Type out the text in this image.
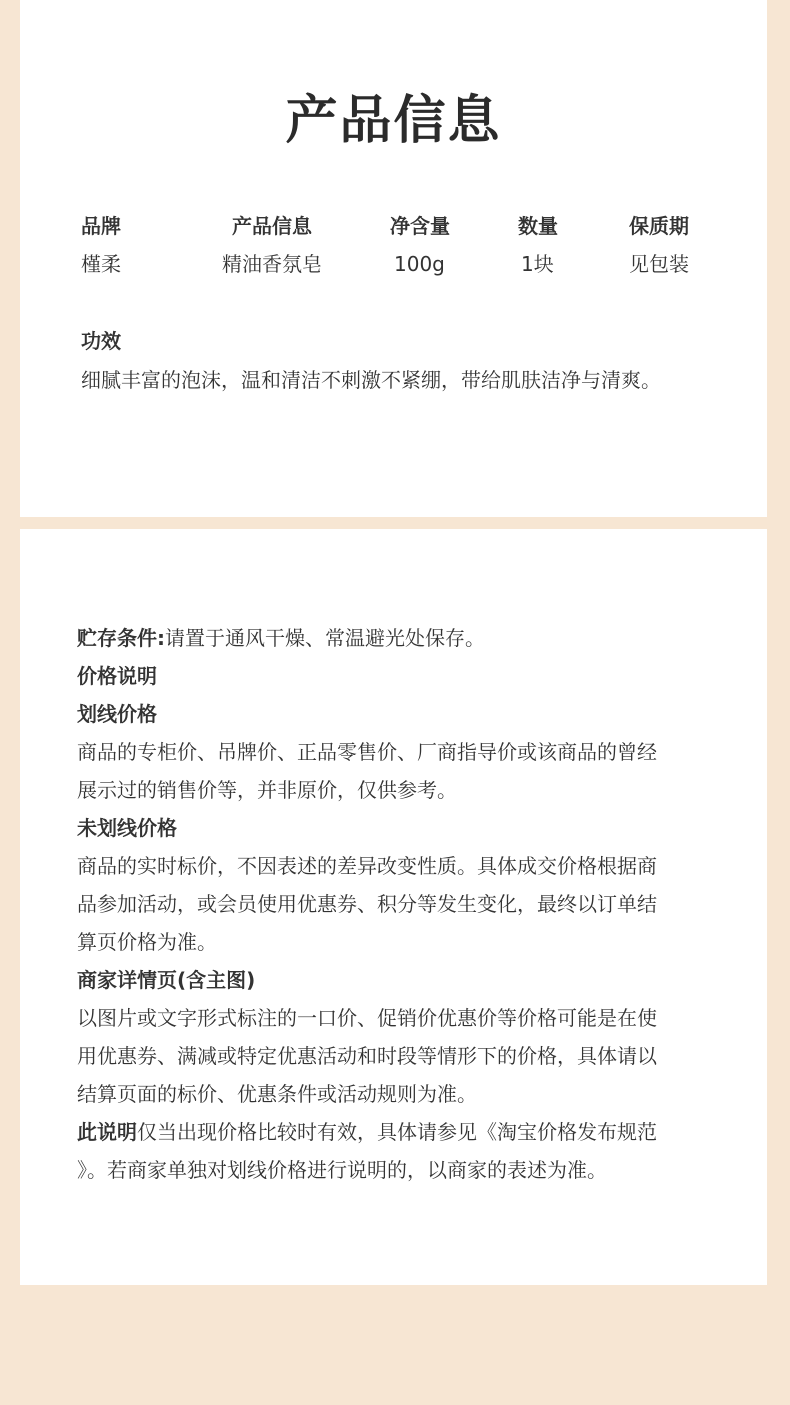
产品信息
品牌
槿柔
产品信息
精油香氛皂
净含量
100g
数量
1块
保质期
见包装
功效
细腻丰富的泡沫，温和清洁不刺激不紧绷，带给肌肤洁净与清爽。

贮存条件:请置于通风干燥、常温避光处保存。

价格说明

划线价格

商品的专柜价、吊牌价、正品零售价、厂商指导价或该商品的曾经

展示过的销售价等，并非原价，仅供参考。

未划线价格

商品的实时标价，不因表述的差异改变性质。具体成交价格根据商

品参加活动，或会员使用优惠券、积分等发生变化，最终以订单结

算页价格为准。

商家详情页(含主图)

以图片或文字形式标注的一口价、促销价优惠价等价格可能是在使

用优惠券、满减或特定优惠活动和时段等情形下的价格，具体请以

结算页面的标价、优惠条件或活动规则为准。

此说明仅当出现价格比较时有效，具体请参见《淘宝价格发布规范

》。若商家单独对划线价格进行说明的，以商家的表述为准。
